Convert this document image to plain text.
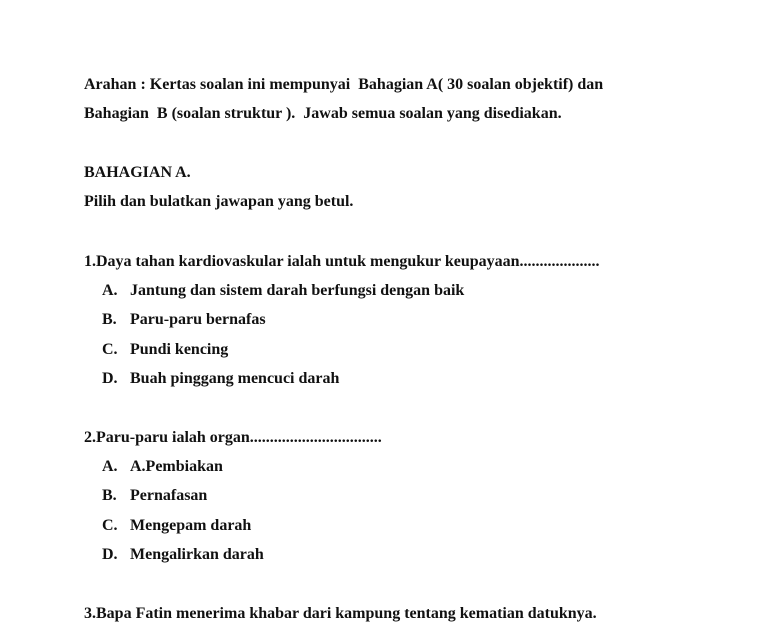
Arahan : Kertas soalan ini mempunyai  Bahagian A( 30 soalan objektif) dan
Bahagian  B (soalan struktur ).  Jawab semua soalan yang disediakan.
BAHAGIAN A.
Pilih dan bulatkan jawapan yang betul.
1.Daya tahan kardiovaskular ialah untuk mengukur keupayaan....................
A. Jantung dan sistem darah berfungsi dengan baik
B. Paru-paru bernafas
C. Pundi kencing
D. Buah pinggang mencuci darah
2.Paru-paru ialah organ.................................
A. A.Pembiakan
B. Pernafasan
C. Mengepam darah
D. Mengalirkan darah
3.Bapa Fatin menerima khabar dari kampung tentang kematian datuknya.
